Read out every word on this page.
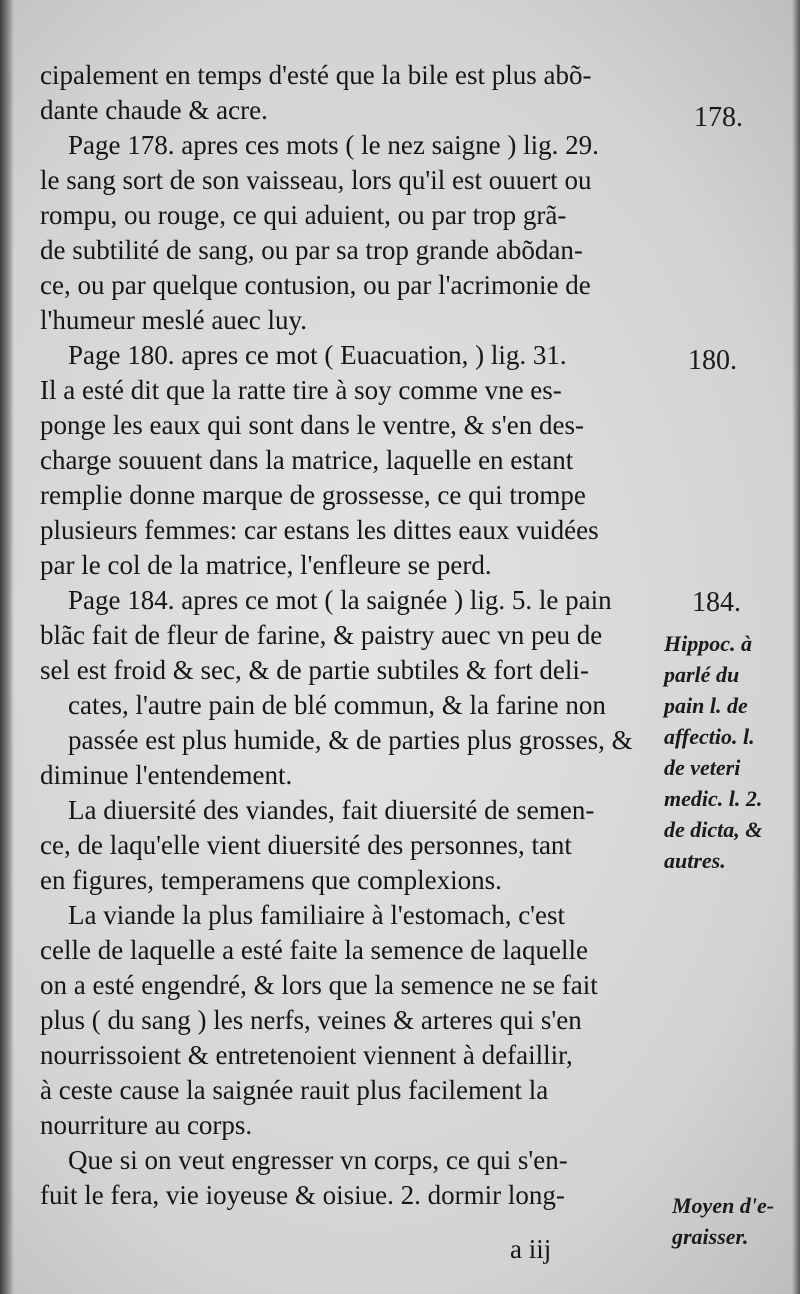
cipalement en temps d'esté que la bile est plus abõ-
dante chaude & acre.
Page 178. apres ces mots ( le nez saigne ) lig. 29.
le sang sort de son vaisseau, lors qu'il est ouuert ou
rompu, ou rouge, ce qui aduient, ou par trop grã-
de subtilité de sang, ou par sa trop grande abõdan-
ce, ou par quelque contusion, ou par l'acrimonie de
l'humeur meslé auec luy.
Page 180. apres ce mot ( Euacuation, ) lig. 31.
Il a esté dit que la ratte tire à soy comme vne es-
ponge les eaux qui sont dans le ventre, & s'en des-
charge souuent dans la matrice, laquelle en estant
remplie donne marque de grossesse, ce qui trompe
plusieurs femmes: car estans les dittes eaux vuidées
par le col de la matrice, l'enfleure se perd.
Page 184. apres ce mot ( la saignée ) lig. 5. le pain
blãc fait de fleur de farine, & paistry auec vn peu de
sel est froid & sec, & de partie subtiles & fort deli-
cates, l'autre pain de blé commun, & la farine non
passée est plus humide, & de parties plus grosses, &
diminue l'entendement.
La diuersité des viandes, fait diuersité de semen-
ce, de laqu'elle vient diuersité des personnes, tant
en figures, temperamens que complexions.
La viande la plus familiaire à l'estomach, c'est
celle de laquelle a esté faite la semence de laquelle
on a esté engendré, & lors que la semence ne se fait
plus ( du sang ) les nerfs, veines & arteres qui s'en
nourrissoient & entretenoient viennent à defaillir,
à ceste cause la saignée rauit plus facilement la
nourriture au corps.
Que si on veut engresser vn corps, ce qui s'en-
fuit le fera, vie ioyeuse & oisiue. 2. dormir long-
178.
180.
184.
Hippoc. à
parlé du
pain l. de
affectio. l.
de veteri
medic. l. 2.
de dicta, &
autres.
Moyen d'e-
graisser.
a iij
